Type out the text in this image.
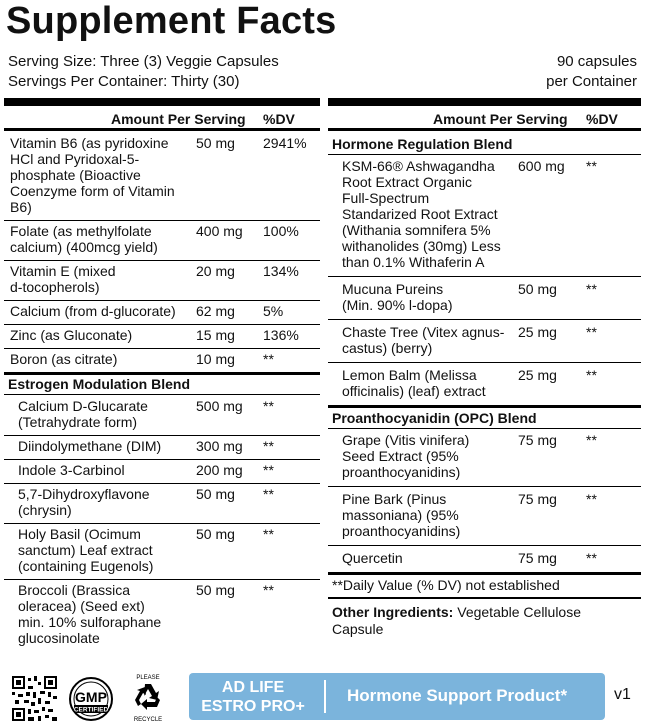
Supplement Facts
Serving Size: Three (3) Veggie Capsules
Servings Per Container: Thirty (30)
90 capsules
per Container
Amount Per Serving %DV
Vitamin B6 (as pyridoxine
HCl and Pyridoxal-5-
phosphate (Bioactive
Coenzyme form of Vitamin
B6)
50 mg 2941%
Folate (as methylfolate
calcium) (400mcg yield)
400 mg 100%
Vitamin E (mixed
d-tocopherols)
20 mg 134%
Calcium (from d-glucorate) 62 mg 5%
Zinc (as Gluconate)	15 mg 136%
Boron (as citrate)	10 mg **
Estrogen Modulation Blend
Calcium D-Glucarate
(Tetrahydrate form)
500 mg **
Diindolymethane (DIM) 300 mg **
Indole 3-Carbinol	200 mg **
5,7-Dihydroxyflavone
(chrysin)
50 mg **
Holy Basil (Ocimum
sanctum) Leaf extract
(containing Eugenols)
50 mg **
Broccoli (Brassica
oleracea) (Seed ext)
min. 10% sulforaphane
glucosinolate
50 mg **
Amount Per Serving %DV
Hormone Regulation Blend
KSM-66® Ashwagandha
Root Extract Organic
Full-Spectrum
Standarized Root Extract
(Withania somnifera 5%
withanolides (30mg) Less
than 0.1% Withaferin A
600 mg **
Mucuna Pureins
(Min. 90% l-dopa)
50 mg **
Chaste Tree (Vitex agnus-
castus) (berry)
25 mg **
Lemon Balm (Melissa
officinalis) (leaf) extract
25 mg **
Proanthocyanidin (OPC) Blend
Grape (Vitis vinifera)
Seed Extract (95%
proanthocyanidins)
75 mg **
Pine Bark (Pinus
massoniana) (95%
proanthocyanidins)
75 mg **
Quercetin	75 mg **
**Daily Value (% DV) not established
Other Ingredients: Vegetable Cellulose
Capsule
GMP
CERTIFIED
PLEASE
RECYCLE
AD LIFE
ESTRO PRO+
Hormone Support Product*	v1
